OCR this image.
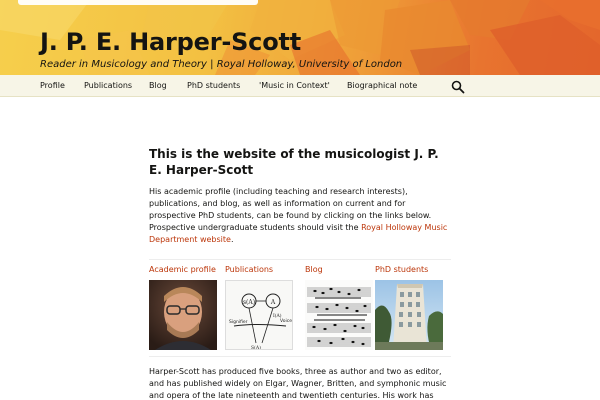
J. P. E. Harper-Scott
Reader in Musicology and Theory | Royal Holloway, University of London
Profile Publications Blog	PhD students 'Music in Context' Biographical note
This is the website of the musicologist J. P. E. Harper-Scott

His academic profile (including teaching and research interests), publications, and blog, as well as information on current and for prospective PhD students, can be found by clicking on the links below. Prospective undergraduate students should visit the Royal Holloway Music Department website.

Academic profile Publications	Blog	PhD students
s(A)	A
Signifier	Voice
I(A)
S(A)

Harper-Scott has produced five books, three as author and two as editor, and has published widely on Elgar, Wagner, Britten, and symphonic music and opera of the late nineteenth and twentieth centuries. His work has
